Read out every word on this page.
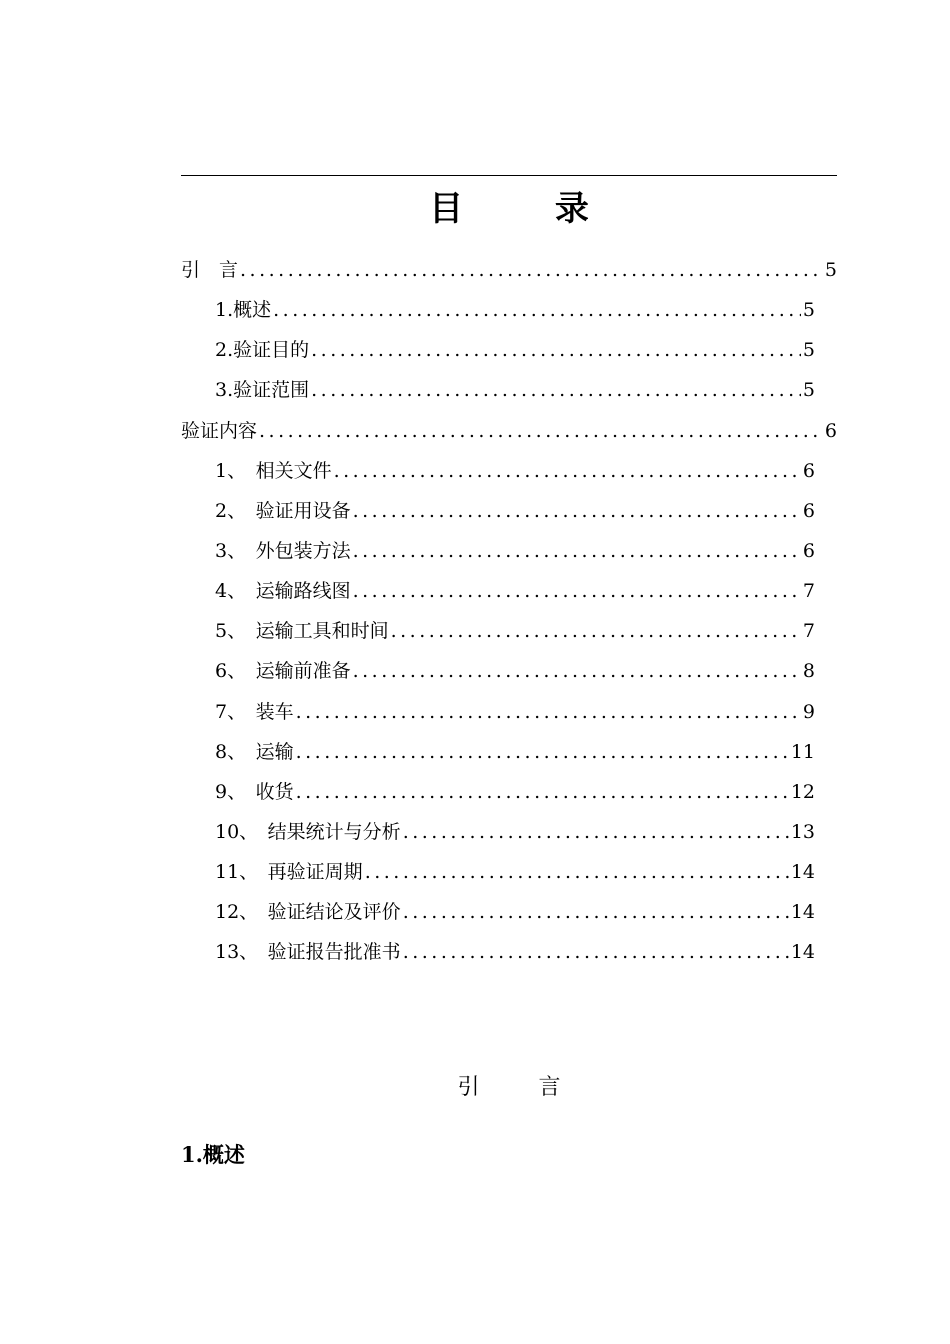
目 录
引　言 .....	5
1.概述 .....	5
2.验证目的 .....	5
3.验证范围 .....	5
验证内容 .....	6
1、　相关文件 .....	6
2、　验证用设备 .....	6
3、　外包装方法 .....	6
4、　运输路线图 .....	7
5、　运输工具和时间 .....	7
6、　运输前准备 .....	8
7、　装车 .....	9
8、　运输 .....	11
9、　收货 .....	12
10、　结果统计与分析 .....	13
11、　再验证周期 .....	14
12、　验证结论及评价 .....	14
13、　验证报告批准书 .....	14
引 言
1.概述
